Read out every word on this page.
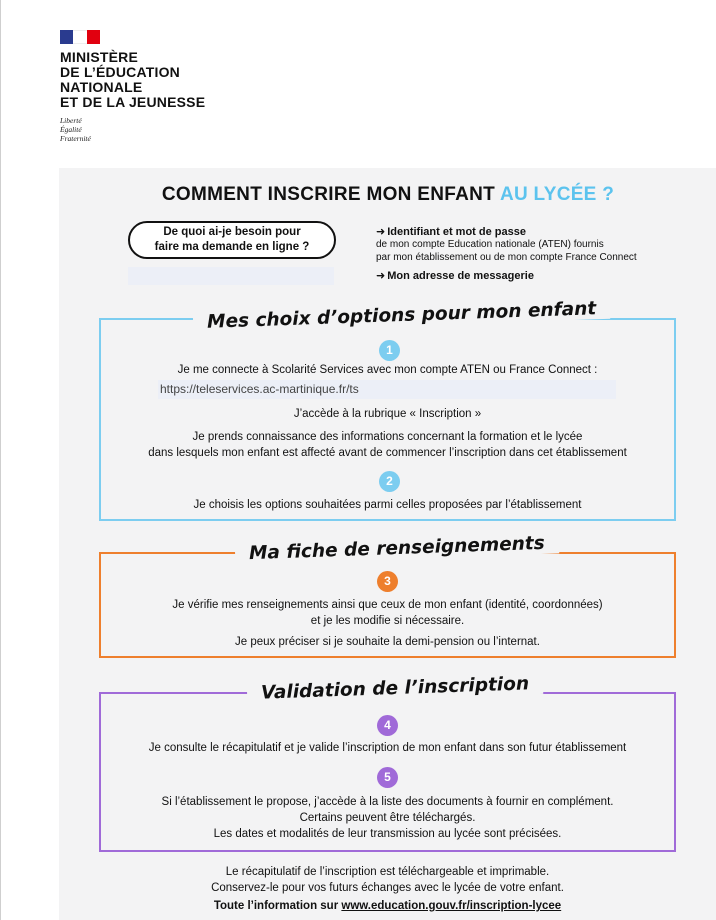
MINISTÈRE
DE L’ÉDUCATION
NATIONALE
ET DE LA JEUNESSE
Liberté
Égalité
Fraternité
COMMENT INSCRIRE MON ENFANT AU LYCÉE ?
De quoi ai-je besoin pour
faire ma demande en ligne ?
➜ Identifiant et mot de passe
de mon compte Education nationale (ATEN) fournis
par mon établissement ou de mon compte France Connect
➜ Mon adresse de messagerie
Mes choix d’options pour mon enfant
1
Je me connecte à Scolarité Services avec mon compte ATEN ou France Connect :
J’accède à la rubrique « Inscription »
Je prends connaissance des informations concernant la formation et le lycée
dans lesquels mon enfant est affecté avant de commencer l’inscription dans cet établissement
2
Je choisis les options souhaitées parmi celles proposées par l’établissement
https://teleservices.ac-martinique.fr/ts
Ma fiche de renseignements
3
Je vérifie mes renseignements ainsi que ceux de mon enfant (identité, coordonnées)
et je les modifie si nécessaire.
Je peux préciser si je souhaite la demi-pension ou l’internat.
Validation de l’inscription
4
Je consulte le récapitulatif et je valide l’inscription de mon enfant dans son futur établissement
5
Si l’établissement le propose, j’accède à la liste des documents à fournir en complément.
Certains peuvent être téléchargés.
Les dates et modalités de leur transmission au lycée sont précisées.
Le récapitulatif de l’inscription est téléchargeable et imprimable.
Conservez-le pour vos futurs échanges avec le lycée de votre enfant.
Toute l’information sur www.education.gouv.fr/inscription-lycee
